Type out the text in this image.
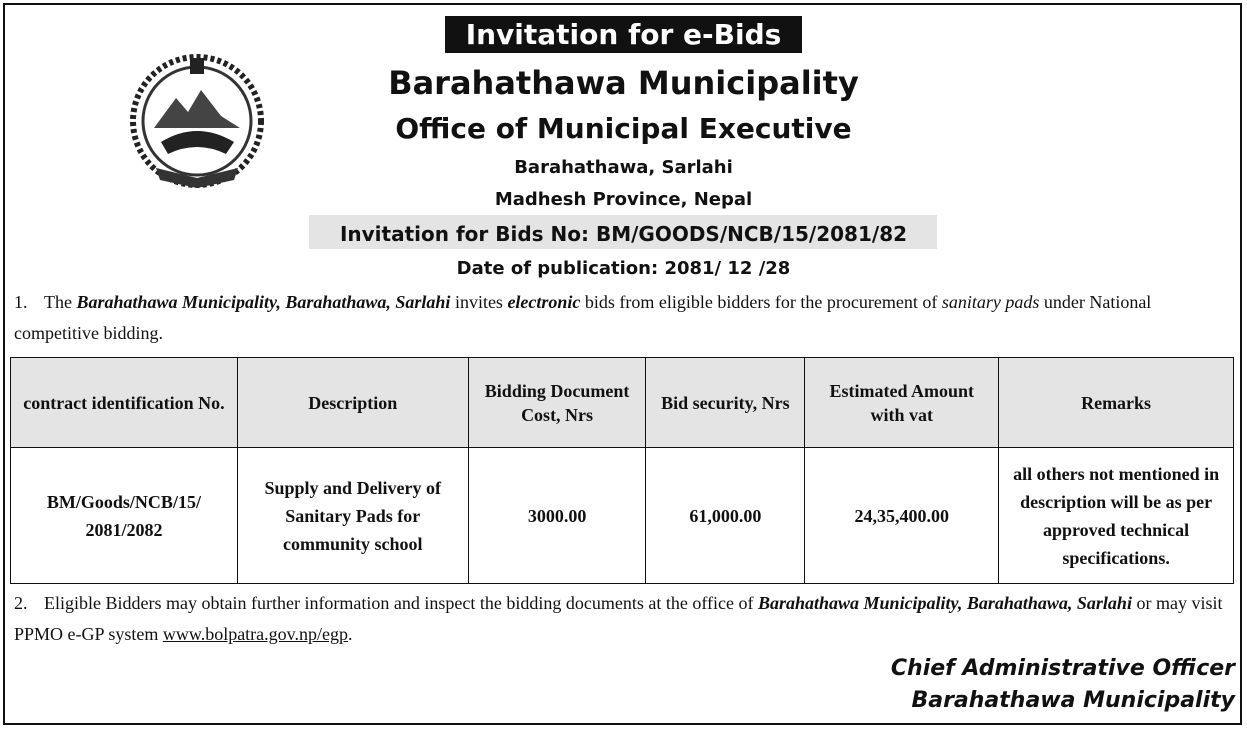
Invitation for e-Bids
Barahathawa Municipality
Office of Municipal Executive
Barahathawa, Sarlahi
Madhesh Province, Nepal
Invitation for Bids No: BM/GOODS/NCB/15/2081/82
Date of publication: 2081/ 12 /28
1. The Barahathawa Municipality, Barahathawa, Sarlahi invites electronic bids from eligible bidders for the procurement of sanitary pads under National competitive bidding.
contract identification No.	Description	Bidding Document Cost, Nrs	Bid security, Nrs	Estimated Amount with vat	Remarks
BM/Goods/NCB/15/ 2081/2082	Supply and Delivery of Sanitary Pads for community school	3000.00	61,000.00	24,35,400.00	all others not mentioned in description will be as per approved technical specifications.
2. Eligible Bidders may obtain further information and inspect the bidding documents at the office of Barahathawa Municipality, Barahathawa, Sarlahi or may visit PPMO e-GP system www.bolpatra.gov.np/egp.
Chief Administrative Officer
Barahathawa Municipality
